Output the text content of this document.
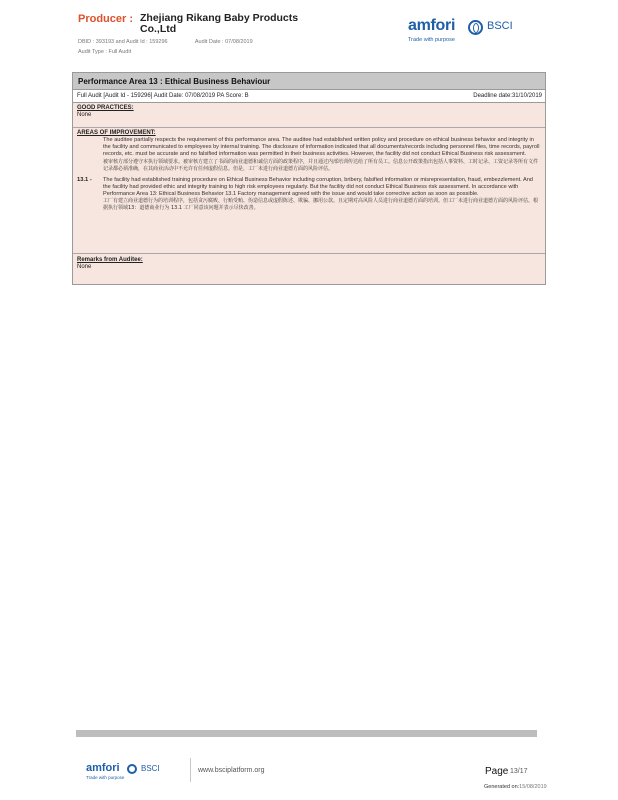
Producer : Zhejiang Rikang Baby Products Co.,Ltd
DBID : 393193 and Audit Id : 159296	Audit Date : 07/08/2019
Audit Type : Full Audit
amfori	BSCI
Trade with purpose
Performance Area 13 : Ethical Business Behaviour
Full Audit [Audit Id - 159296] Audit Date: 07/08/2019 PA Score: B	Deadline date:31/10/2019
GOOD PRACTICES:
None
AREAS OF IMPROVEMENT:
The auditee partially respects the requirement of this performance area. The auditee had established written policy and procedure on ethical business behavior and integrity in the facility and communicated to employees by internal training. The disclosure of information indicated that all documents/records including personnel files, time records, payroll records, etc. must be accurate and no falsified information was permitted in their business activities. However, the facility did not conduct Ethical Business risk assessment.
被审核方部分遵守本执行领域要求。被审核方建立了书面的商业道德和诚信方面的政策程序，并且通过内部培训传达给了所有员工。信息公开政策指出包括人事资料、工时记录、工资记录等所有文件记录都必须准确，在其商业活动中不允许有任何虚假信息。但是，工厂未进行商业道德方面的风险评估。
13.1 -	The facility had established training procedure on Ethical Business Behavior including corruption, bribery, falsified information or misrepresentation, fraud, embezzlement. And the facility had provided ethic and integrity training to high risk employees regularly. But the facility did not conduct Ethical Business risk assessment. In accordance with Performance Area 13: Ethical Business Behavior 13.1 Factory management agreed with the issue and would take corrective action as soon as possible.
工厂有建立商业道德行为的培训程序，包括贪污腐败、行贿受贿、伪造信息或虚假陈述、欺骗、挪用公款。且定期对高风险人员进行商业道德方面的培训。但工厂未进行商业道德方面的风险评估。根据执行领域13：道德商业行为 13.1 工厂同意该问题并表示尽快改善。
Remarks from Auditee:
None
amfori	BSCI
Trade with purpose
www.bsciplatform.org	Page 13/17
Generated on:15/08/2019
